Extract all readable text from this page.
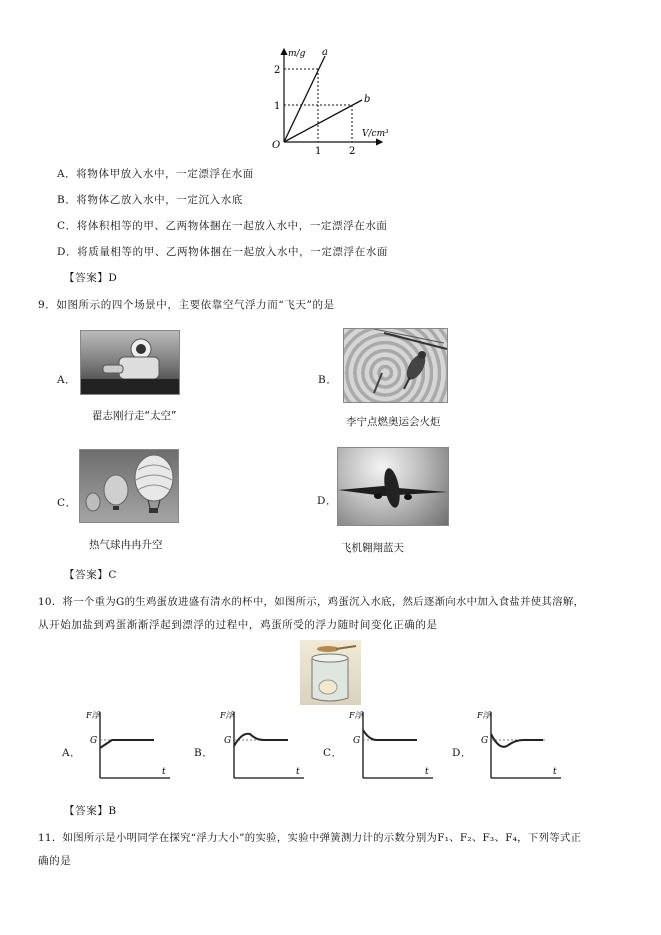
m/g
V/cm³
O
2
1
1	2
a
b
A．将物体甲放入水中，一定漂浮在水面
B．将物体乙放入水中，一定沉入水底
C．将体积相等的甲、乙两物体捆在一起放入水中，一定漂浮在水面
D．将质量相等的甲、乙两物体捆在一起放入水中，一定漂浮在水面
【答案】D
9．如图所示的四个场景中，主要依靠空气浮力而“飞天”的是
A．
翟志刚行走“太空”
B．
李宁点燃奥运会火炬
C．
热气球冉冉升空
D．
飞机翱翔蓝天
【答案】C
10．将一个重为G的生鸡蛋放进盛有清水的杯中，如图所示，鸡蛋沉入水底，然后逐渐向水中加入食盐并使其溶解，
从开始加盐到鸡蛋渐渐浮起到漂浮的过程中，鸡蛋所受的浮力随时间变化正确的是
A．
F浮
G
t
B．
F浮
G
t
C．
F浮
G
t
D．
F浮
G
t
【答案】B
11．如图所示是小明同学在探究“浮力大小”的实验，实验中弹簧测力计的示数分别为F₁、F₂、F₃、F₄，下列等式正
确的是
